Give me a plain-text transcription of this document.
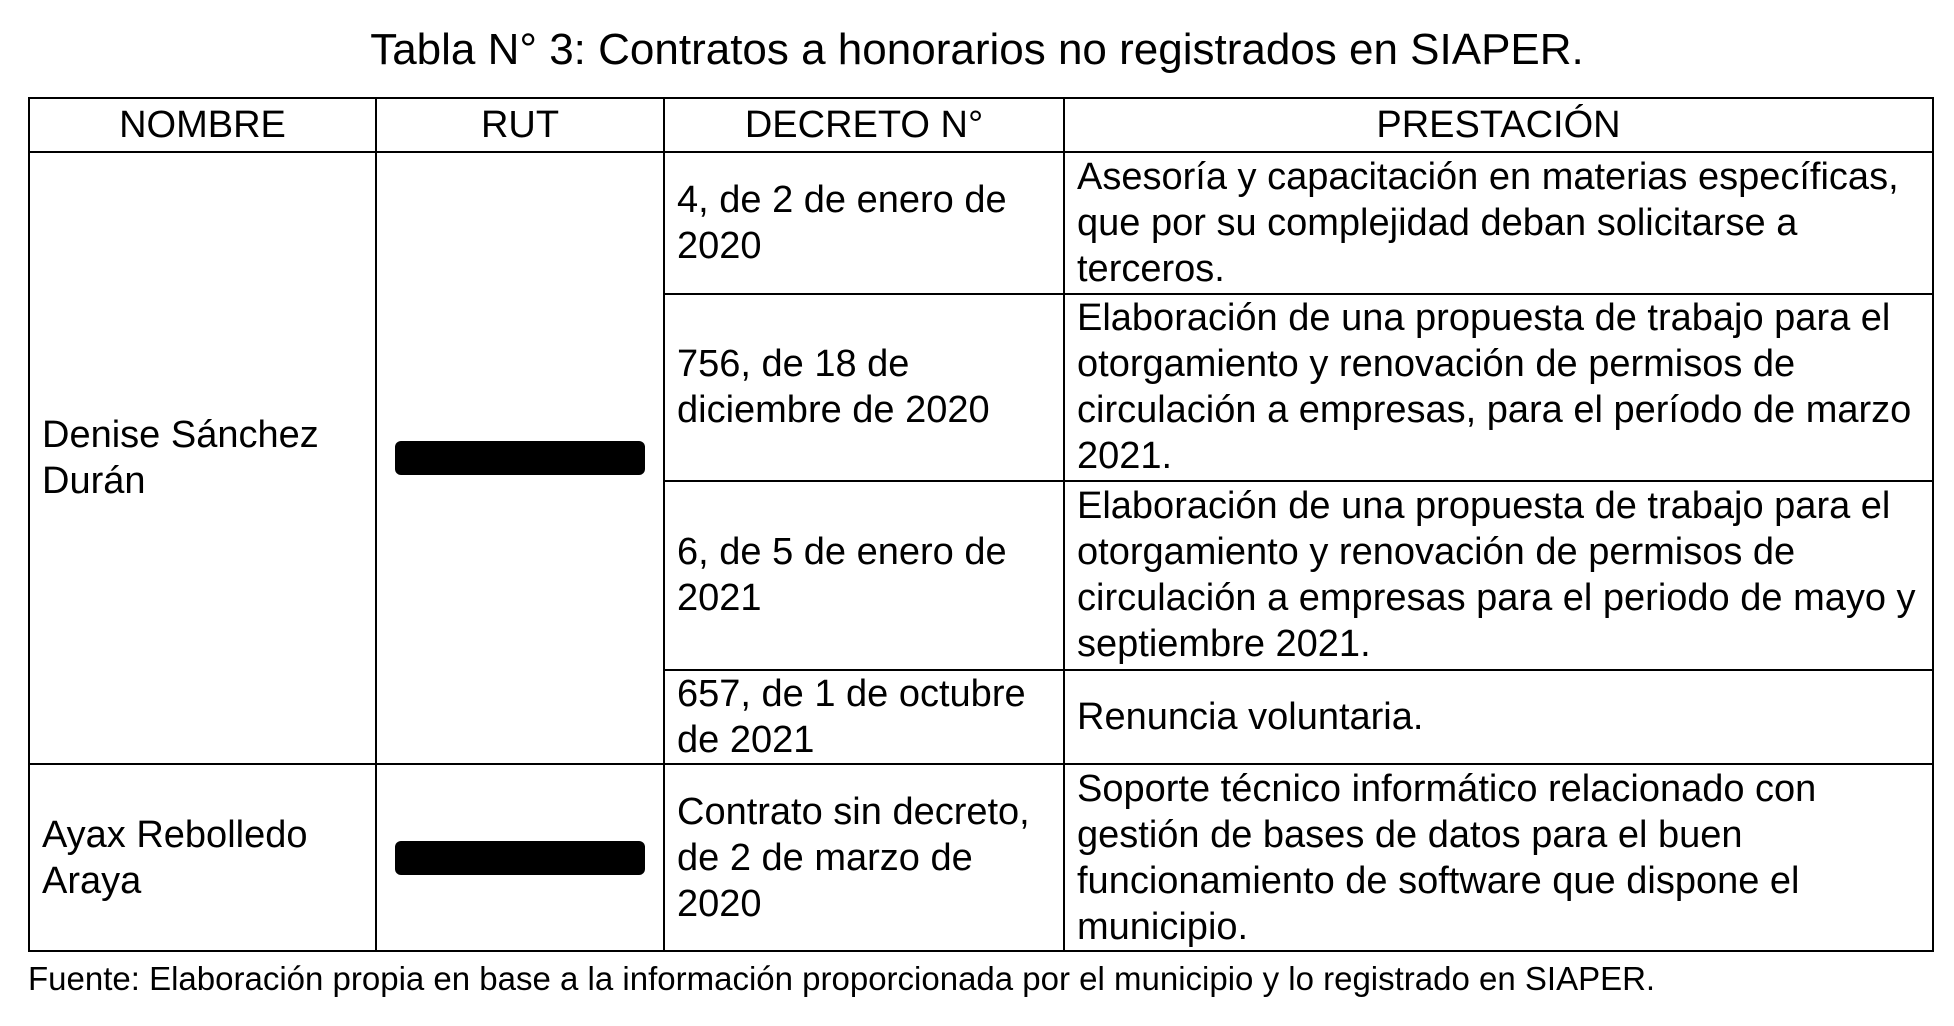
Tabla N° 3: Contratos a honorarios no registrados en SIAPER.
NOMBRE	RUT	DECRETO N°	PRESTACIÓN
Denise Sánchez Durán		4, de 2 de enero de 2020	Asesoría y capacitación en materias específicas, que por su complejidad deban solicitarse a terceros.
		756, de 18 de diciembre de 2020	Elaboración de una propuesta de trabajo para el otorgamiento y renovación de permisos de circulación a empresas, para el período de marzo 2021.
		6, de 5 de enero de 2021	Elaboración de una propuesta de trabajo para el otorgamiento y renovación de permisos de circulación a empresas para el periodo de mayo y septiembre 2021.
		657, de 1 de octubre de 2021	Renuncia voluntaria.
Ayax Rebolledo Araya		Contrato sin decreto, de 2 de marzo de 2020	Soporte técnico informático relacionado con gestión de bases de datos para el buen funcionamiento de software que dispone el municipio.
Fuente: Elaboración propia en base a la información proporcionada por el municipio y lo registrado en SIAPER.
